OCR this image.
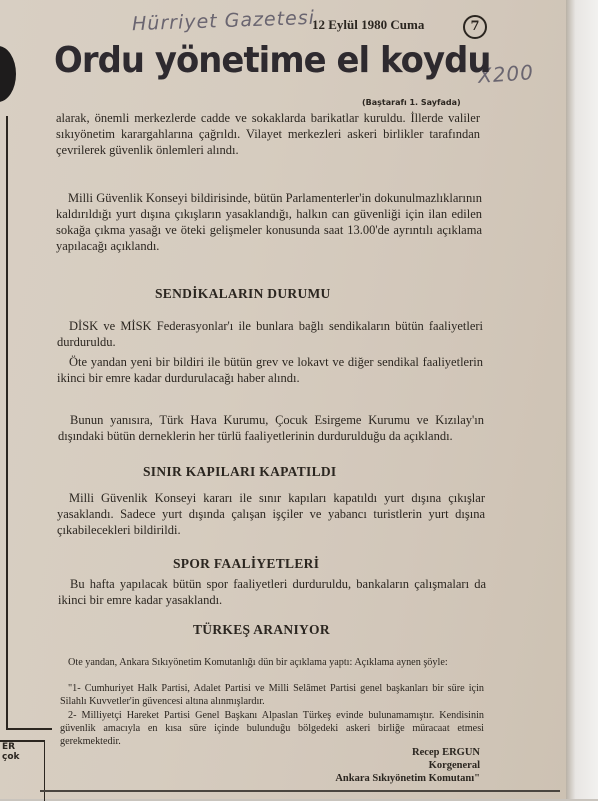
ER
çok
Hürriyet Gazetesi
X200
12 Eylül 1980 Cuma	7
Ordu yönetime el koydu
(Baştarafı 1. Sayfada)
alarak, önemli merkezlerde cadde ve sokaklarda barikatlar kuruldu. İllerde valiler sıkıyönetim karargahlarına çağrıldı. Vilayet merkezleri askeri birlikler tarafından çevrilerek güvenlik önlemleri alındı.
Milli Güvenlik Konseyi bildirisinde, bütün Parlamenterler'in dokunulmazlıklarının kaldırıldığı yurt dışına çıkışların yasaklandığı, halkın can güvenliği için ilan edilen sokağa çıkma yasağı ve öteki gelişmeler konusunda saat 13.00'de ayrıntılı açıklama yapılacağı açıklandı.
SENDİKALARIN DURUMU
DİSK ve MİSK Federasyonlar'ı ile bunlara bağlı sendikaların bütün faaliyetleri durduruldu.
Öte yandan yeni bir bildiri ile bütün grev ve lokavt ve diğer sendikal faaliyetlerin ikinci bir emre kadar durdurulacağı haber alındı.
Bunun yanısıra, Türk Hava Kurumu, Çocuk Esirgeme Kurumu ve Kızılay'ın dışındaki bütün derneklerin her türlü faaliyetlerinin durdurulduğu da açıklandı.
SINIR KAPILARI KAPATILDI
Milli Güvenlik Konseyi kararı ile sınır kapıları kapatıldı yurt dışına çıkışlar yasaklandı. Sadece yurt dışında çalışan işçiler ve yabancı turistlerin yurt dışına çıkabilecekleri bildirildi.
SPOR FAALİYETLERİ
Bu hafta yapılacak bütün spor faaliyetleri durduruldu, bankaların çalışmaları da ikinci bir emre kadar yasaklandı.
TÜRKEŞ ARANIYOR
Ote yandan, Ankara Sıkıyönetim Komutanlığı dün bir açıklama yaptı: Açıklama aynen şöyle:
"1- Cumhuriyet Halk Partisi, Adalet Partisi ve Milli Selâmet Partisi genel başkanları bir süre için Silahlı Kuvvetler'in güvencesi altına alınmışlardır.
2- Milliyetçi Hareket Partisi Genel Başkanı Alpaslan Türkeş evinde bulunamamıştır. Kendisinin güvenlik amacıyla en kısa süre içinde bulunduğu bölgedeki askeri birliğe müracaat etmesi gerekmektedir.
Recep ERGUN
Korgeneral
Ankara Sıkıyönetim Komutanı"
